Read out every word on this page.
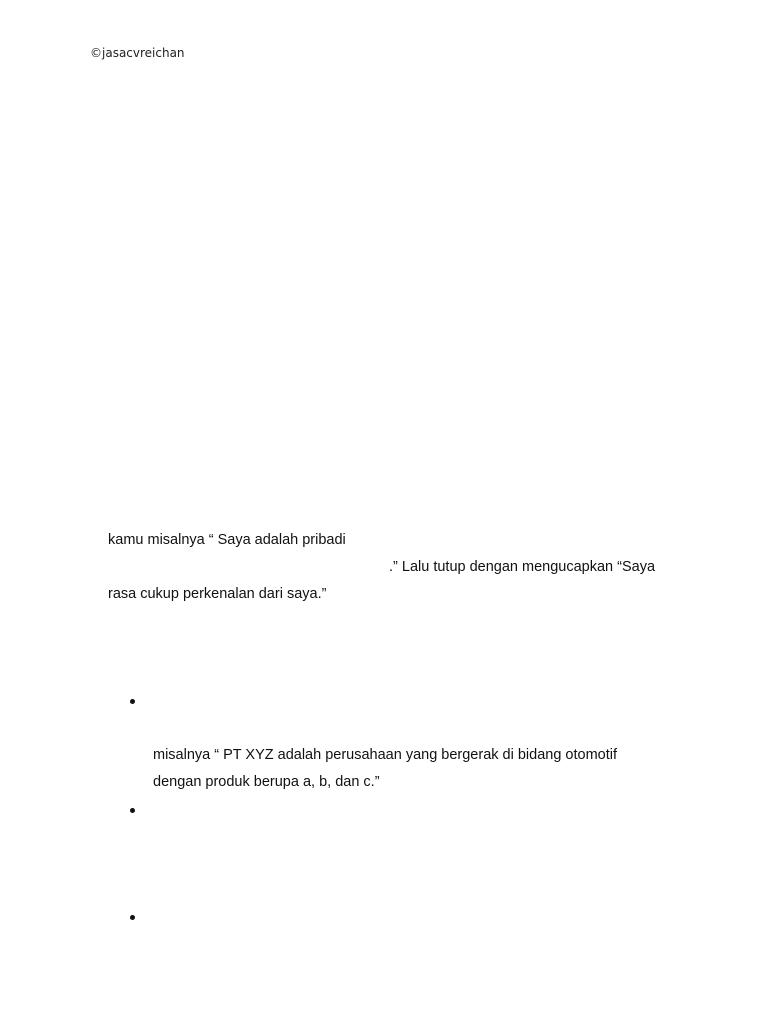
©jasacvreichan
kamu misalnya “ Saya adalah pribadi
.” Lalu tutup dengan mengucapkan “Saya
rasa cukup perkenalan dari saya.”
misalnya “ PT XYZ adalah perusahaan yang bergerak di bidang otomotif
dengan produk berupa a, b, dan c.”
